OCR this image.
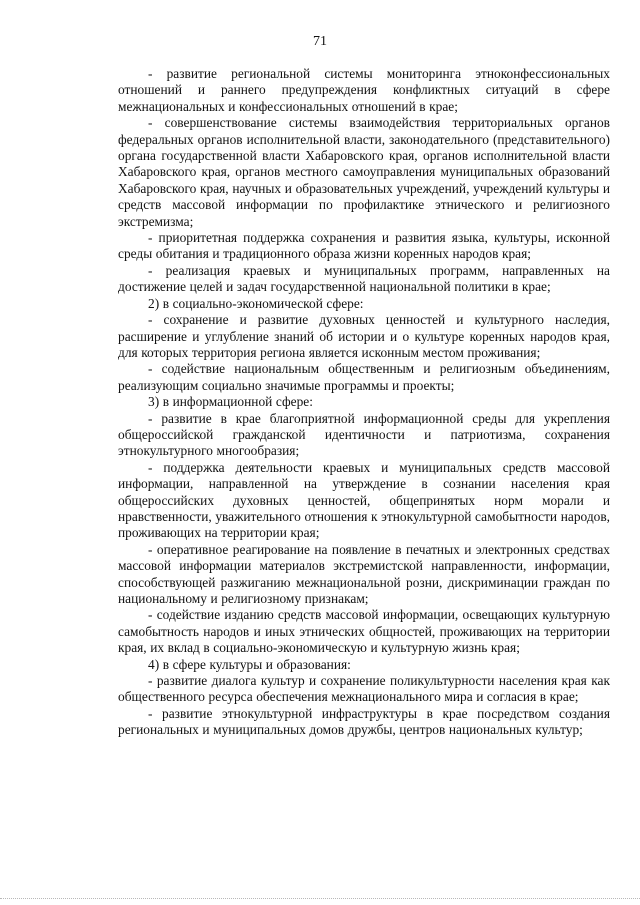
71

- развитие региональной системы мониторинга этноконфессиональных отношений и раннего предупреждения конфликтных ситуаций в сфере межнациональных и конфессиональных отношений в крае;

- совершенствование системы взаимодействия территориальных органов федеральных органов исполнительной власти, законодательного (представительного) органа государственной власти Хабаровского края, органов исполнительной власти Хабаровского края, органов местного самоуправления муниципальных образований Хабаровского края, научных и образовательных учреждений, учреждений культуры и средств массовой информации по профилактике этнического и религиозного экстремизма;

- приоритетная поддержка сохранения и развития языка, культуры, исконной среды обитания и традиционного образа жизни коренных народов края;

- реализация краевых и муниципальных программ, направленных на достижение целей и задач государственной национальной политики в крае;

2) в социально-экономической сфере:

- сохранение и развитие духовных ценностей и культурного наследия, расширение и углубление знаний об истории и о культуре коренных народов края, для которых территория региона является исконным местом проживания;

- содействие национальным общественным и религиозным объединениям, реализующим социально значимые программы и проекты;

3) в информационной сфере:

- развитие в крае благоприятной информационной среды для укрепления общероссийской гражданской идентичности и патриотизма, сохранения этнокультурного многообразия;

- поддержка деятельности краевых и муниципальных средств массовой информации, направленной на утверждение в сознании населения края общероссийских духовных ценностей, общепринятых норм морали и нравственности, уважительного отношения к этнокультурной самобытности народов, проживающих на территории края;

- оперативное реагирование на появление в печатных и электронных средствах массовой информации материалов экстремистской направленности, информации, способствующей разжиганию межнациональной розни, дискриминации граждан по национальному и религиозному признакам;

- содействие изданию средств массовой информации, освещающих культурную самобытность народов и иных этнических общностей, проживающих на территории края, их вклад в социально-экономическую и культурную жизнь края;

4) в сфере культуры и образования:

- развитие диалога культур и сохранение поликультурности населения края как общественного ресурса обеспечения межнационального мира и согласия в крае;

- развитие этнокультурной инфраструктуры в крае посредством создания региональных и муниципальных домов дружбы, центров национальных культур;
